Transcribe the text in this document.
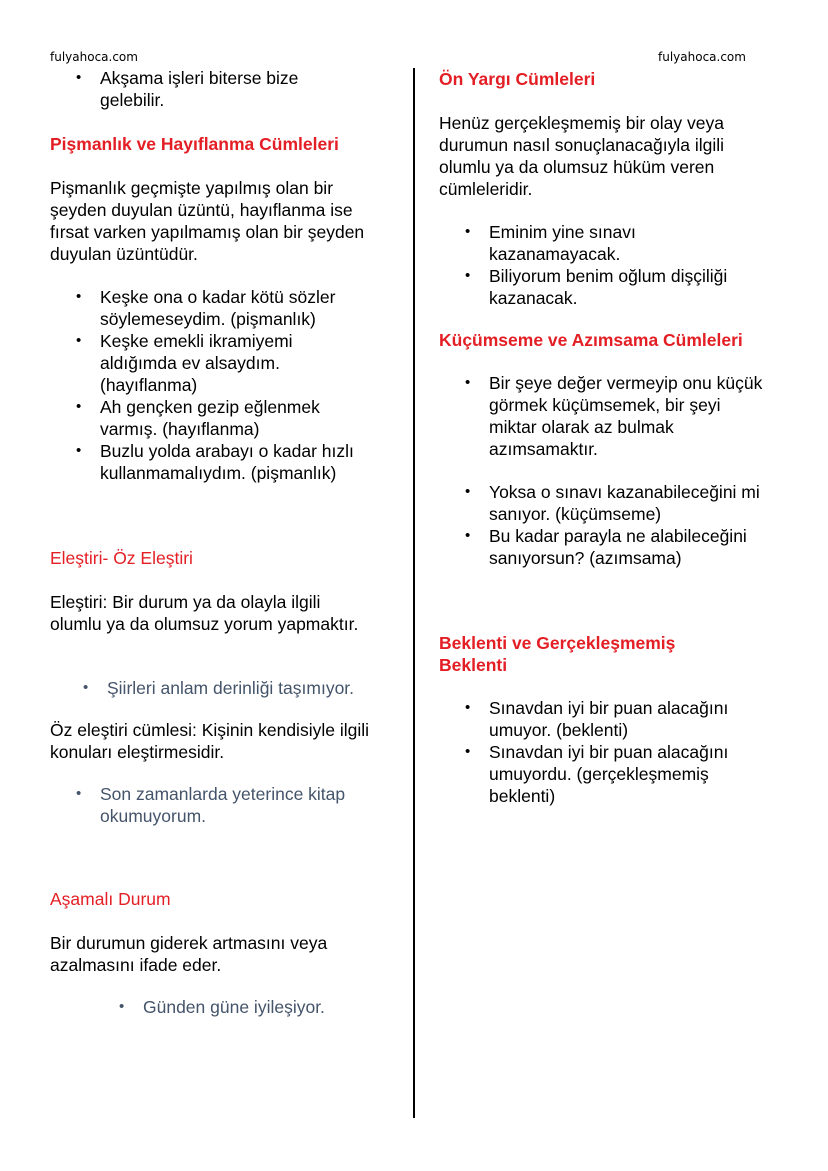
fulyahoca.com	fulyahoca.com
• Akşama işleri biterse bize gelebilir.
Pişmanlık ve Hayıflanma Cümleleri
Pişmanlık geçmişte yapılmış olan bir şeyden duyulan üzüntü, hayıflanma ise fırsat varken yapılmamış olan bir şeyden duyulan üzüntüdür.
• Keşke ona o kadar kötü sözler söylemeseydim. (pişmanlık)
• Keşke emekli ikramiyemi aldığımda ev alsaydım. (hayıflanma)
• Ah gençken gezip eğlenmek varmış. (hayıflanma)
• Buzlu yolda arabayı o kadar hızlı kullanmamalıydım. (pişmanlık)
Eleştiri- Öz Eleştiri
Eleştiri: Bir durum ya da olayla ilgili olumlu ya da olumsuz yorum yapmaktır.
• Şiirleri anlam derinliği taşımıyor.
Öz eleştiri cümlesi: Kişinin kendisiyle ilgili konuları eleştirmesidir.
• Son zamanlarda yeterince kitap okumuyorum.
Aşamalı Durum
Bir durumun giderek artmasını veya azalmasını ifade eder.
• Günden güne iyileşiyor.
Ön Yargı Cümleleri
Henüz gerçekleşmemiş bir olay veya durumun nasıl sonuçlanacağıyla ilgili olumlu ya da olumsuz hüküm veren cümleleridir.
• Eminim yine sınavı kazanamayacak.
• Biliyorum benim oğlum dişçiliği kazanacak.
Küçümseme ve Azımsama Cümleleri
• Bir şeye değer vermeyip onu küçük görmek küçümsemek, bir şeyi miktar olarak az bulmak azımsamaktır.
• Yoksa o sınavı kazanabileceğini mi sanıyor. (küçümseme)
• Bu kadar parayla ne alabileceğini sanıyorsun? (azımsama)
Beklenti ve Gerçekleşmemiş Beklenti
• Sınavdan iyi bir puan alacağını umuyor. (beklenti)
• Sınavdan iyi bir puan alacağını umuyordu. (gerçekleşmemiş beklenti)
